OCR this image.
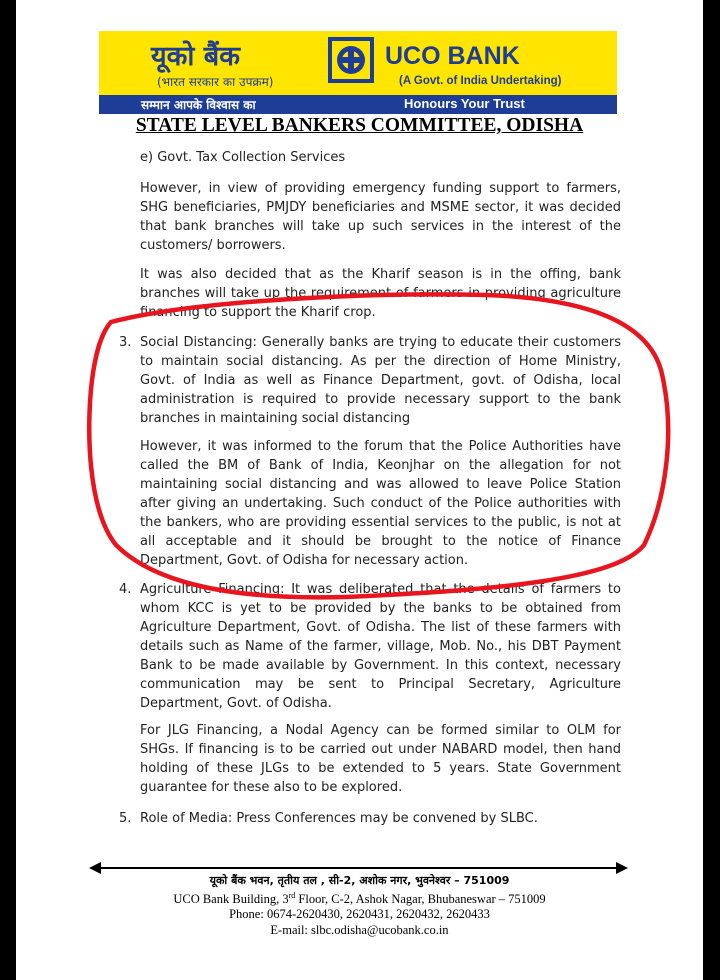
यूको बैंक
(भारत सरकार का उपक्रम)
UCO BANK
(A Govt. of India Undertaking)
सम्मान आपके विश्वास का	Honours Your Trust
STATE LEVEL BANKERS COMMITTEE, ODISHA

e) Govt. Tax Collection Services

However, in view of providing emergency funding support to farmers, SHG beneficiaries, PMJDY beneficiaries and MSME sector, it was decided that bank branches will take up such services in the interest of the customers/ borrowers.

It was also decided that as the Kharif season is in the offing, bank branches will take up the requirement of farmers in providing agriculture financing to support the Kharif crop.

3. Social Distancing: Generally banks are trying to educate their customers to maintain social distancing. As per the direction of Home Ministry, Govt. of India as well as Finance Department, govt. of Odisha, local administration is required to provide necessary support to the bank branches in maintaining social distancing

However, it was informed to the forum that the Police Authorities have called the BM of Bank of India, Keonjhar on the allegation for not maintaining social distancing and was allowed to leave Police Station after giving an undertaking. Such conduct of the Police authorities with the bankers, who are providing essential services to the public, is not at all acceptable and it should be brought to the notice of Finance Department, Govt. of Odisha for necessary action.

4. Agriculture Financing: It was deliberated that the details of farmers to whom KCC is yet to be provided by the banks to be obtained from Agriculture Department, Govt. of Odisha. The list of these farmers with details such as Name of the farmer, village, Mob. No., his DBT Payment Bank to be made available by Government. In this context, necessary communication may be sent to Principal Secretary, Agriculture Department, Govt. of Odisha.

For JLG Financing, a Nodal Agency can be formed similar to OLM for SHGs. If financing is to be carried out under NABARD model, then hand holding of these JLGs to be extended to 5 years. State Government guarantee for these also to be explored.

5. Role of Media: Press Conferences may be convened by SLBC.

यूको बैंक भवन, तृतीय तल , सी-2, अशोक नगर, भुवनेश्वर – 751009
UCO Bank Building, 3rd Floor, C-2, Ashok Nagar, Bhubaneswar – 751009
Phone: 0674-2620430, 2620431, 2620432, 2620433
E-mail: slbc.odisha@ucobank.co.in
